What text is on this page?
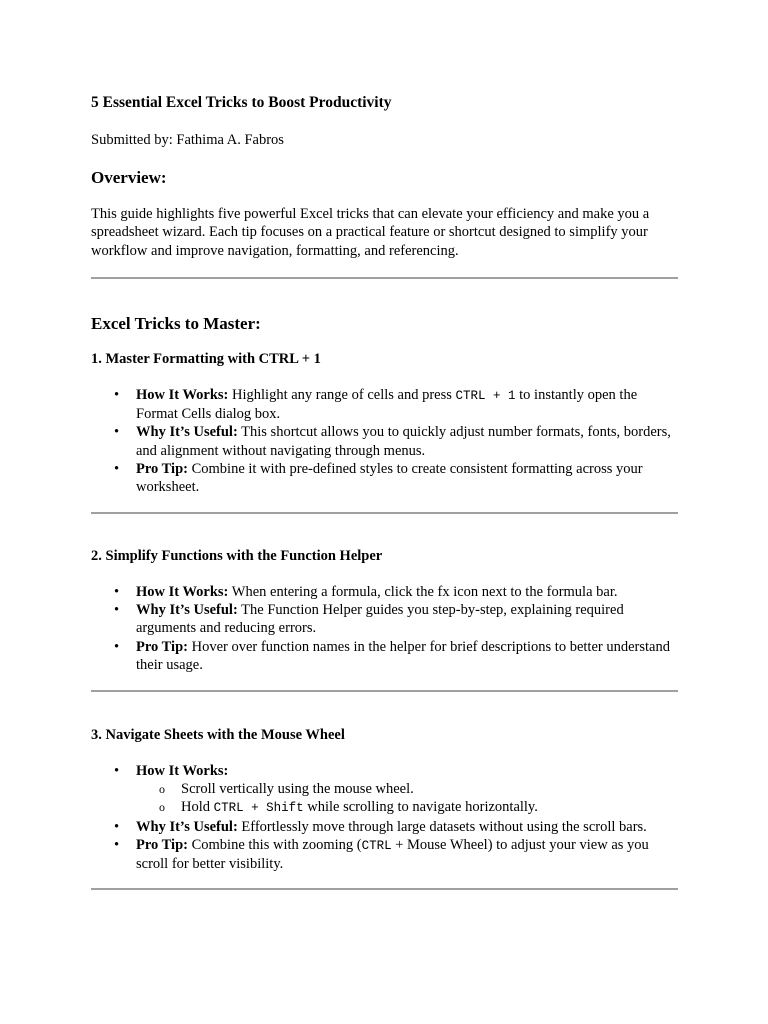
5 Essential Excel Tricks to Boost Productivity
Submitted by: Fathima A. Fabros
Overview:

This guide highlights five powerful Excel tricks that can elevate your efficiency and make you a spreadsheet wizard. Each tip focuses on a practical feature or shortcut designed to simplify your workflow and improve navigation, formatting, and referencing.

Excel Tricks to Master:
1. Master Formatting with CTRL + 1
• How It Works: Highlight any range of cells and press CTRL + 1 to instantly open the Format Cells dialog box.
• Why It’s Useful: This shortcut allows you to quickly adjust number formats, fonts, borders, and alignment without navigating through menus.
• Pro Tip: Combine it with pre-defined styles to create consistent formatting across your worksheet.
2. Simplify Functions with the Function Helper
• How It Works: When entering a formula, click the fx icon next to the formula bar.
• Why It’s Useful: The Function Helper guides you step-by-step, explaining required arguments and reducing errors.
• Pro Tip: Hover over function names in the helper for brief descriptions to better understand their usage.
3. Navigate Sheets with the Mouse Wheel
• How It Works:
o Scroll vertically using the mouse wheel.
o Hold CTRL + Shift while scrolling to navigate horizontally.
• Why It’s Useful: Effortlessly move through large datasets without using the scroll bars.
• Pro Tip: Combine this with zooming (CTRL + Mouse Wheel) to adjust your view as you scroll for better visibility.
